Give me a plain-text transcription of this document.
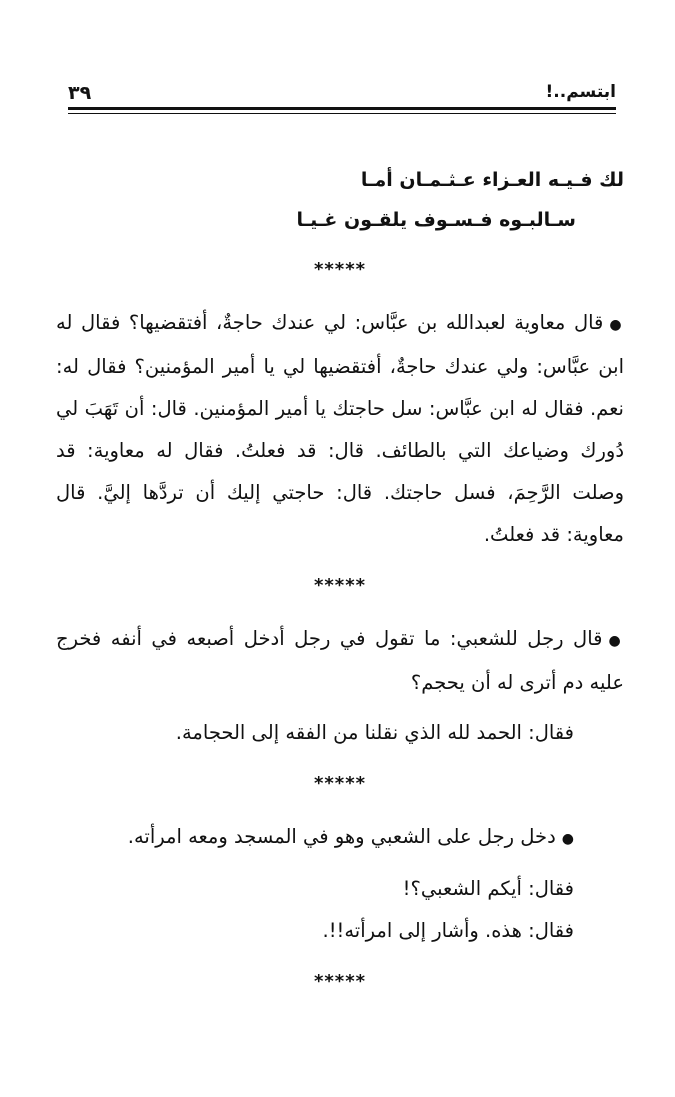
ابتسم..!
٣٩
لك فـيـه العـزاء عـثـمـان أمـا
سـالبـوه فـسـوف يلقـون غـيـا
*****

●قال معاوية لعبدالله بن عبَّاس: لي عندك حاجةٌ، أفتقضيها؟ فقال له ابن عبَّاس: ولي عندك حاجةٌ، أفتقضيها لي يا أمير المؤمنين؟ فقال له: نعم. فقال له ابن عبَّاس: سل حاجتك يا أمير المؤمنين. قال: أن تَهَبَ لي دُورك وضياعك التي بالطائف. قال: قد فعلتُ. فقال له معاوية: قد وصلت الرَّحِمَ، فسل حاجتك. قال: حاجتي إليك أن تردَّها إليَّ. قال معاوية: قد فعلتُ.

*****

●قال رجل للشعبي: ما تقول في رجل أدخل أصبعه في أنفه فخرج عليه دم أترى له أن يحجم؟

فقال: الحمد لله الذي نقلنا من الفقه إلى الحجامة.
*****

●دخل رجل على الشعبي وهو في المسجد ومعه امرأته.

فقال: أيكم الشعبي؟!
فقال: هذه. وأشار إلى امرأته!!.
*****
